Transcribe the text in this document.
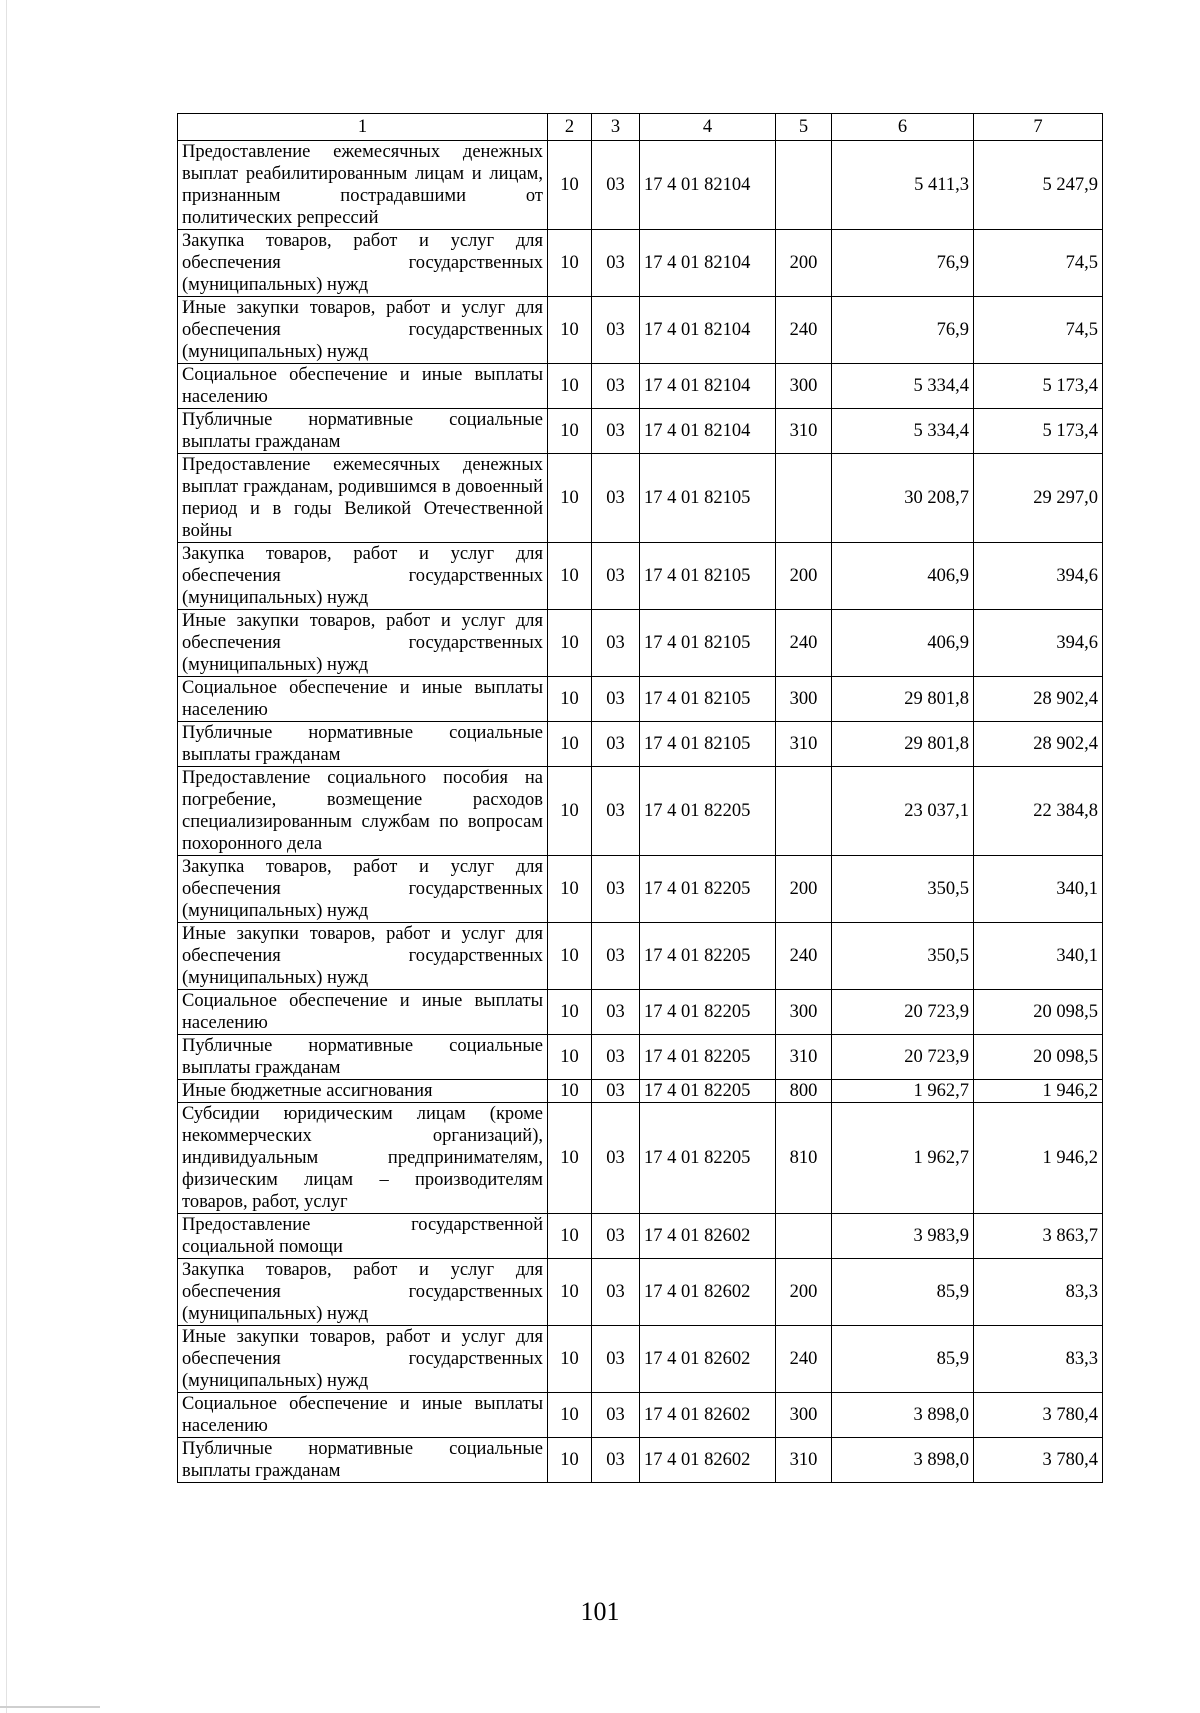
1	2	3	4	5	6	7
Предоставление ежемесячных денежных выплат реабилитированным лицам и лицам, признанным пострадавшими от политических репрессий	10	03	17 4 01 82104		5 411,3	5 247,9
Закупка товаров, работ и услуг для обеспечения государственных (муниципальных) нужд	10	03	17 4 01 82104	200	76,9	74,5
Иные закупки товаров, работ и услуг для обеспечения государственных (муниципальных) нужд	10	03	17 4 01 82104	240	76,9	74,5
Социальное обеспечение и иные выплаты населению	10	03	17 4 01 82104	300	5 334,4	5 173,4
Публичные нормативные социальные выплаты гражданам	10	03	17 4 01 82104	310	5 334,4	5 173,4
Предоставление ежемесячных денежных выплат гражданам, родившимся в довоенный период и в годы Великой Отечественной войны	10	03	17 4 01 82105		30 208,7	29 297,0
Закупка товаров, работ и услуг для обеспечения государственных (муниципальных) нужд	10	03	17 4 01 82105	200	406,9	394,6
Иные закупки товаров, работ и услуг для обеспечения государственных (муниципальных) нужд	10	03	17 4 01 82105	240	406,9	394,6
Социальное обеспечение и иные выплаты населению	10	03	17 4 01 82105	300	29 801,8	28 902,4
Публичные нормативные социальные выплаты гражданам	10	03	17 4 01 82105	310	29 801,8	28 902,4
Предоставление социального пособия на погребение, возмещение расходов специализированным службам по вопросам похоронного дела	10	03	17 4 01 82205		23 037,1	22 384,8
Закупка товаров, работ и услуг для обеспечения государственных (муниципальных) нужд	10	03	17 4 01 82205	200	350,5	340,1
Иные закупки товаров, работ и услуг для обеспечения государственных (муниципальных) нужд	10	03	17 4 01 82205	240	350,5	340,1
Социальное обеспечение и иные выплаты населению	10	03	17 4 01 82205	300	20 723,9	20 098,5
Публичные нормативные социальные выплаты гражданам	10	03	17 4 01 82205	310	20 723,9	20 098,5
Иные бюджетные ассигнования	10	03	17 4 01 82205	800	1 962,7	1 946,2
Субсидии юридическим лицам (кроме некоммерческих организаций), индивидуальным предпринимателям, физическим лицам – производителям товаров, работ, услуг	10	03	17 4 01 82205	810	1 962,7	1 946,2
Предоставление государственной социальной помощи	10	03	17 4 01 82602		3 983,9	3 863,7
Закупка товаров, работ и услуг для обеспечения государственных (муниципальных) нужд	10	03	17 4 01 82602	200	85,9	83,3
Иные закупки товаров, работ и услуг для обеспечения государственных (муниципальных) нужд	10	03	17 4 01 82602	240	85,9	83,3
Социальное обеспечение и иные выплаты населению	10	03	17 4 01 82602	300	3 898,0	3 780,4
Публичные нормативные социальные выплаты гражданам	10	03	17 4 01 82602	310	3 898,0	3 780,4
101
